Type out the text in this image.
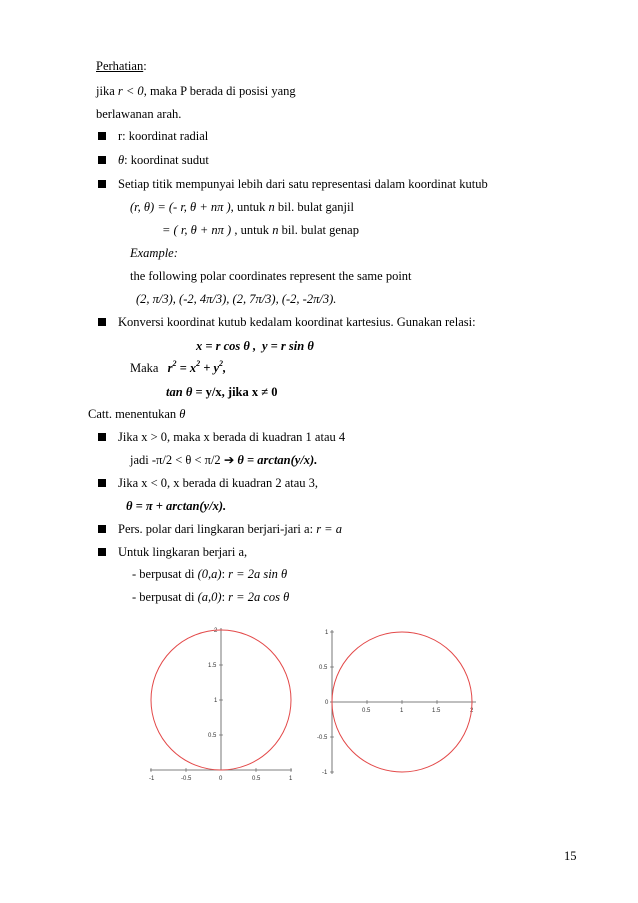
Perhatian:
jika r < 0, maka P berada di posisi yang
berlawanan arah.
r: koordinat radial
θ: koordinat sudut
Setiap titik mempunyai lebih dari satu representasi dalam koordinat kutub
(r, θ) = (- r, θ + nπ ), untuk n bil. bulat ganjil
= ( r, θ + nπ ) , untuk n bil. bulat genap
Example:
the following polar coordinates represent the same point
(2, π/3), (-2, 4π/3), (2, 7π/3), (-2, -2π/3).
Konversi koordinat kutub kedalam koordinat kartesius. Gunakan relasi:
x = r cos θ , y = r sin θ
Maka $r^2 = x^2 + y^2$,
tan θ = y/x, jika x ≠ 0
Catt. menentukan θ
Jika x > 0, maka x berada di kuadran 1 atau 4
jadi -π/2 < θ < π/2 ➔ θ = arctan(y/x).
Jika x < 0, x berada di kuadran 2 atau 3,
θ = π + arctan(y/x).
Pers. polar dari lingkaran berjari-jari a: r = a
Untuk lingkaran berjari a,
- berpusat di (0,a): r = 2a sin θ
- berpusat di (a,0): r = 2a cos θ
-1	-0.5	0	0.5	1
2
1.5
1
0.5
0.5	1	1.5	2
1
0.5
0
-0.5
-1
15
